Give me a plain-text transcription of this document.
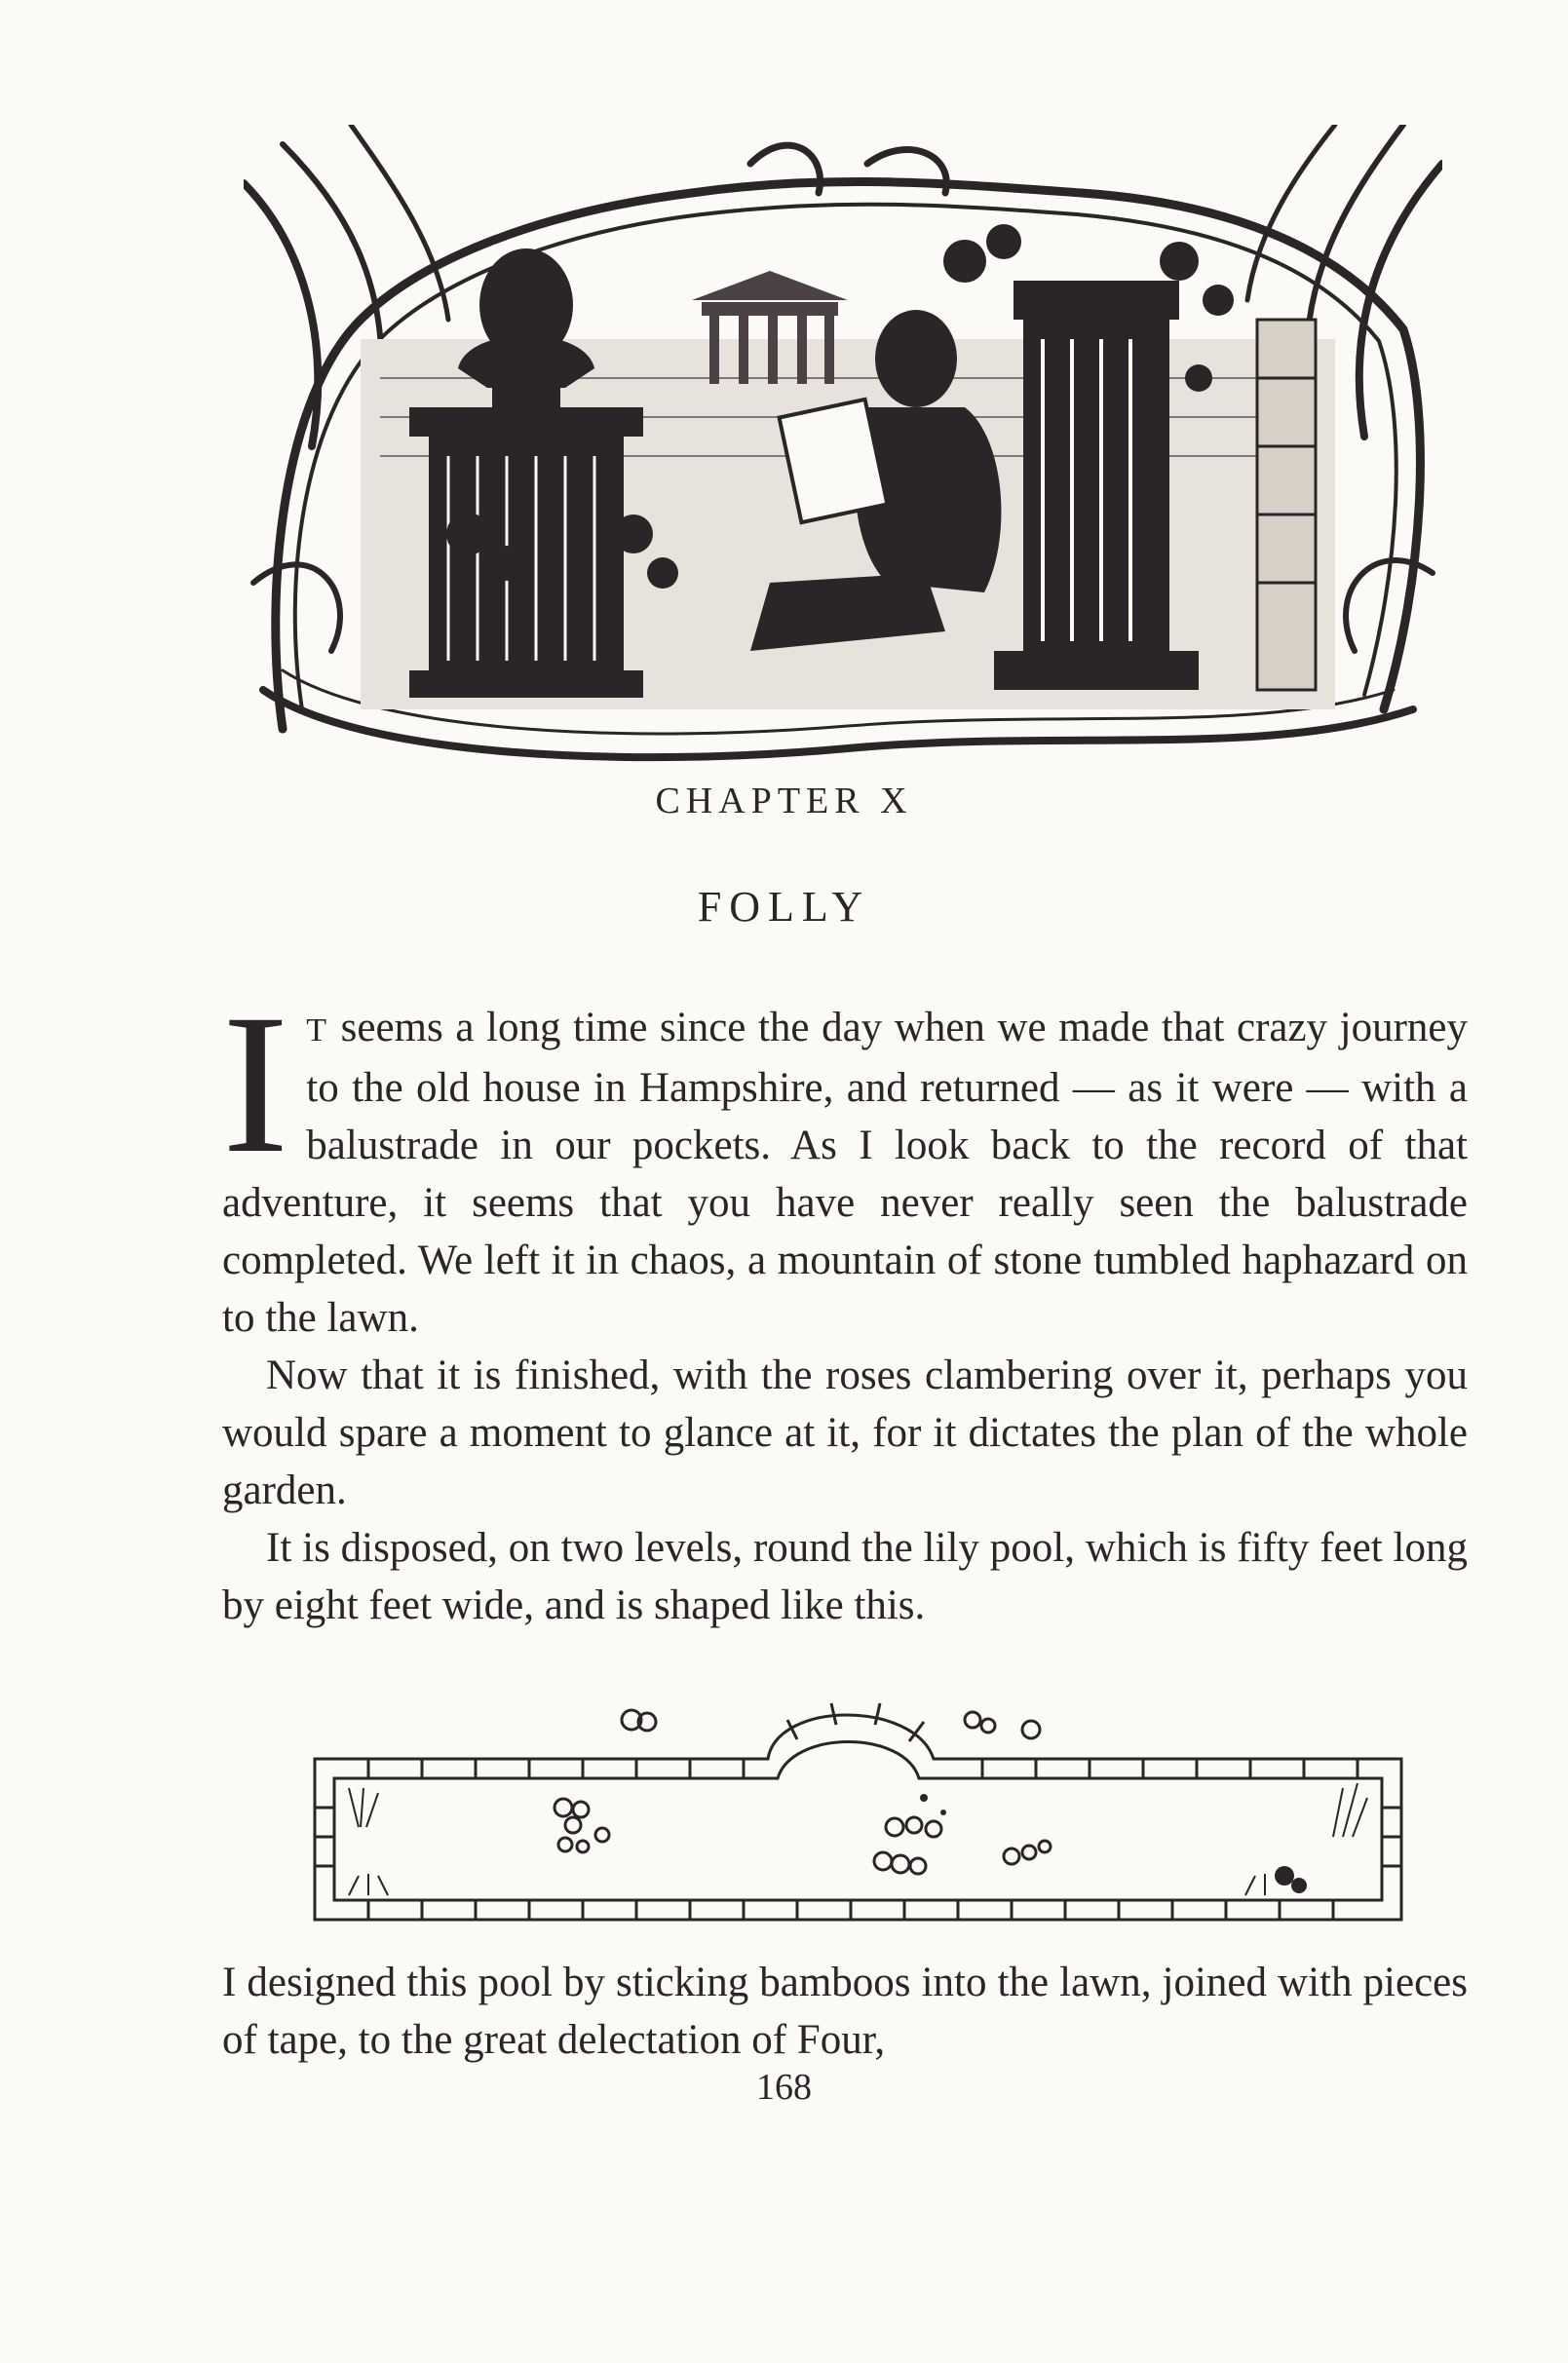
CHAPTER X
FOLLY

I T seems a long time since the day when we made that crazy journey to the old house in Hampshire, and returned — as it were — with a balustrade in our pockets. As I look back to the record of that adventure, it seems that you have never really seen the balustrade completed. We left it in chaos, a mountain of stone tumbled haphazard on to the lawn.

Now that it is finished, with the roses clambering over it, perhaps you would spare a moment to glance at it, for it dictates the plan of the whole garden.

It is disposed, on two levels, round the lily pool, which is fifty feet long by eight feet wide, and is shaped like this.

I designed this pool by sticking bamboos into the lawn, joined with pieces of tape, to the great delectation of Four,

168
